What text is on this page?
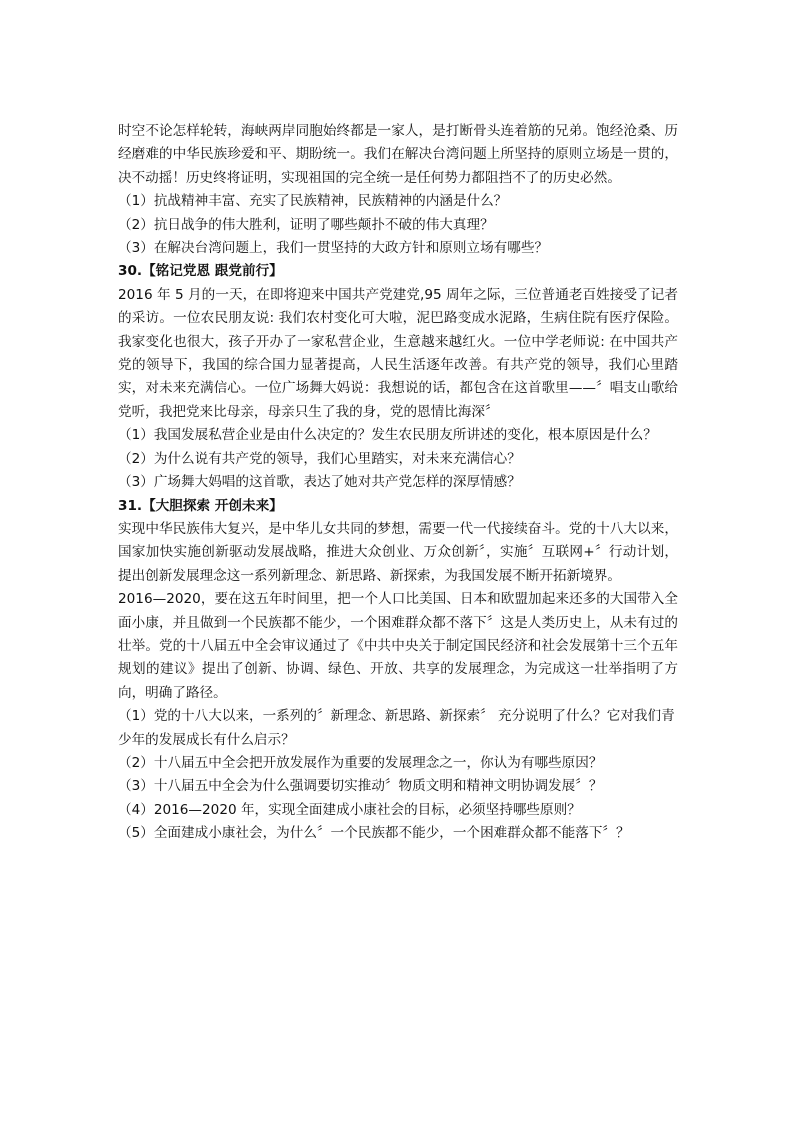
时空不论怎样轮转，海峡两岸同胞始终都是一家人，是打断骨头连着筋的兄弟。饱经沧桑、历经磨难的中华民族珍爱和平、期盼统一。我们在解决台湾问题上所坚持的原则立场是一贯的，决不动摇！历史终将证明，实现祖国的完全统一是任何势力都阻挡不了的历史必然。

（1）抗战精神丰富、充实了民族精神，民族精神的内涵是什么？

（2）抗日战争的伟大胜利，证明了哪些颠扑不破的伟大真理？

（3）在解决台湾问题上，我们一贯坚持的大政方针和原则立场有哪些？

30.【铭记党恩 跟党前行】

2016 年 5 月的一天，在即将迎来中国共产党建党,95 周年之际，三位普通老百姓接受了记者的采访。一位农民朋友说: 我们农村变化可大啦，泥巴路变成水泥路，生病住院有医疗保险。我家变化也很大，孩子开办了一家私营企业，生意越来越红火。一位中学老师说: 在中国共产党的领导下，我国的综合国力显著提高，人民生活逐年改善。有共产党的领导，我们心里踏实，对未来充满信心。一位广场舞大妈说：我想说的话，都包含在这首歌里——〞唱支山歌给党听，我把党来比母亲，母亲只生了我的身，党的恩情比海深〞

（1）我国发展私营企业是由什么决定的？发生农民朋友所讲述的变化，根本原因是什么？

（2）为什么说有共产党的领导，我们心里踏实，对未来充满信心？

（3）广场舞大妈唱的这首歌，表达了她对共产党怎样的深厚情感？

31.【大胆探索 开创未来】

实现中华民族伟大复兴，是中华儿女共同的梦想，需要一代一代接续奋斗。党的十八大以来，国家加快实施创新驱动发展战略，推进大众创业、万众创新〞，实施〞互联网+〞行动计划，提出创新发展理念这一系列新理念、新思路、新探索，为我国发展不断开拓新境界。

2016—2020，要在这五年时间里，把一个人口比美国、日本和欧盟加起来还多的大国带入全面小康，并且做到一个民族都不能少，一个困难群众都不落下〞这是人类历史上，从未有过的壮举。党的十八届五中全会审议通过了《中共中央关于制定国民经济和社会发展第十三个五年规划的建议》提出了创新、协调、绿色、开放、共享的发展理念，为完成这一壮举指明了方向，明确了路径。

（1）党的十八大以来，一系列的〞新理念、新思路、新探索〞 充分说明了什么？它对我们青少年的发展成长有什么启示？

（2）十八届五中全会把开放发展作为重要的发展理念之一，你认为有哪些原因？

（3）十八届五中全会为什么强调要切实推动〞物质文明和精神文明协调发展〞？

（4）2016—2020 年，实现全面建成小康社会的目标，必须坚持哪些原则？

（5）全面建成小康社会，为什么〞一个民族都不能少，一个困难群众都不能落下〞？
